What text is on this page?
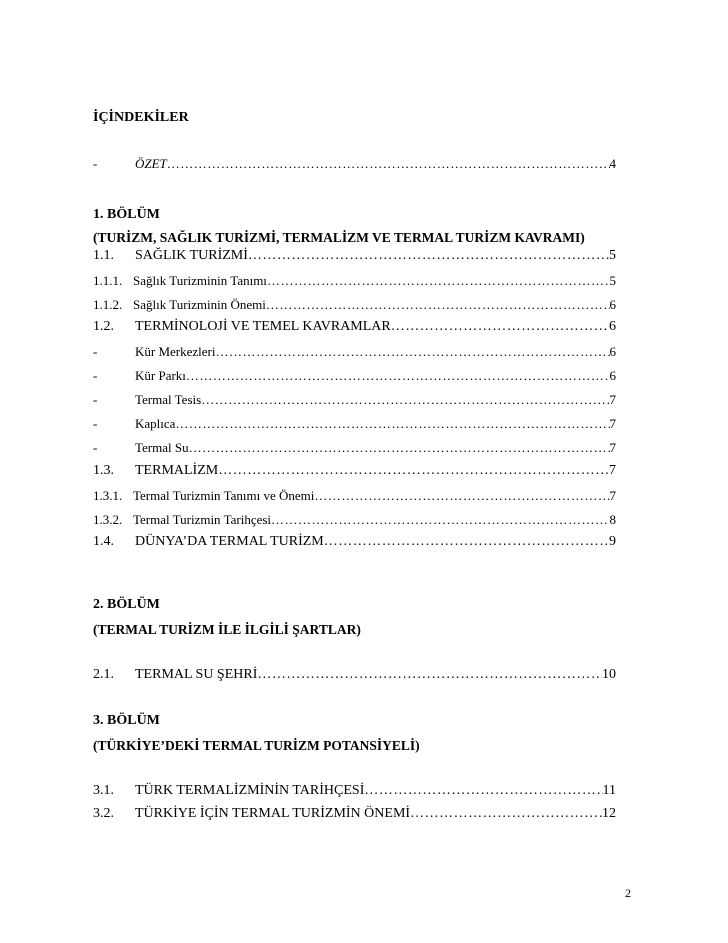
İÇİNDEKİLER
-	ÖZET ……………………………………………………………………………………………………………………………………………………	4
1. BÖLÜM
(TURİZM, SAĞLIK TURİZMİ, TERMALİZM VE TERMAL TURİZM KAVRAMI)
1.1.	SAĞLIK TURİZMİ ……………………………………………………………………………………………………………………………………………………	5
1.1.1. Sağlık Turizminin Tanımı ……………………………………………………………………………………………………………………………………………………	5
1.1.2. Sağlık Turizminin Önemi ……………………………………………………………………………………………………………………………………………………	6
1.2.	TERMİNOLOJİ VE TEMEL KAVRAMLAR ……………………………………………………………………………………………………………………………………………………	6
-	Kür Merkezleri ……………………………………………………………………………………………………………………………………………………	6
-	Kür Parkı ……………………………………………………………………………………………………………………………………………………	6
-	Termal Tesis ……………………………………………………………………………………………………………………………………………………	7
-	Kaplıca ……………………………………………………………………………………………………………………………………………………	7
-	Termal Su ……………………………………………………………………………………………………………………………………………………	7
1.3.	TERMALİZM ……………………………………………………………………………………………………………………………………………………	7
1.3.1. Termal Turizmin Tanımı ve Önemi ……………………………………………………………………………………………………………………………………………………	7
1.3.2. Termal Turizmin Tarihçesi ……………………………………………………………………………………………………………………………………………………	8
1.4.	DÜNYA’DA TERMAL TURİZM ……………………………………………………………………………………………………………………………………………………	9
2. BÖLÜM
(TERMAL TURİZM İLE İLGİLİ ŞARTLAR)
2.1.	TERMAL SU ŞEHRİ ……………………………………………………………………………………………………………………………………………………	10
3. BÖLÜM
(TÜRKİYE’DEKİ TERMAL TURİZM POTANSİYELİ)
3.1.	TÜRK TERMALİZMİNİN TARİHÇESİ ……………………………………………………………………………………………………………………………………………………	11
3.2.	TÜRKİYE İÇİN TERMAL TURİZMİN ÖNEMİ ……………………………………………………………………………………………………………………………………………………	12
2
